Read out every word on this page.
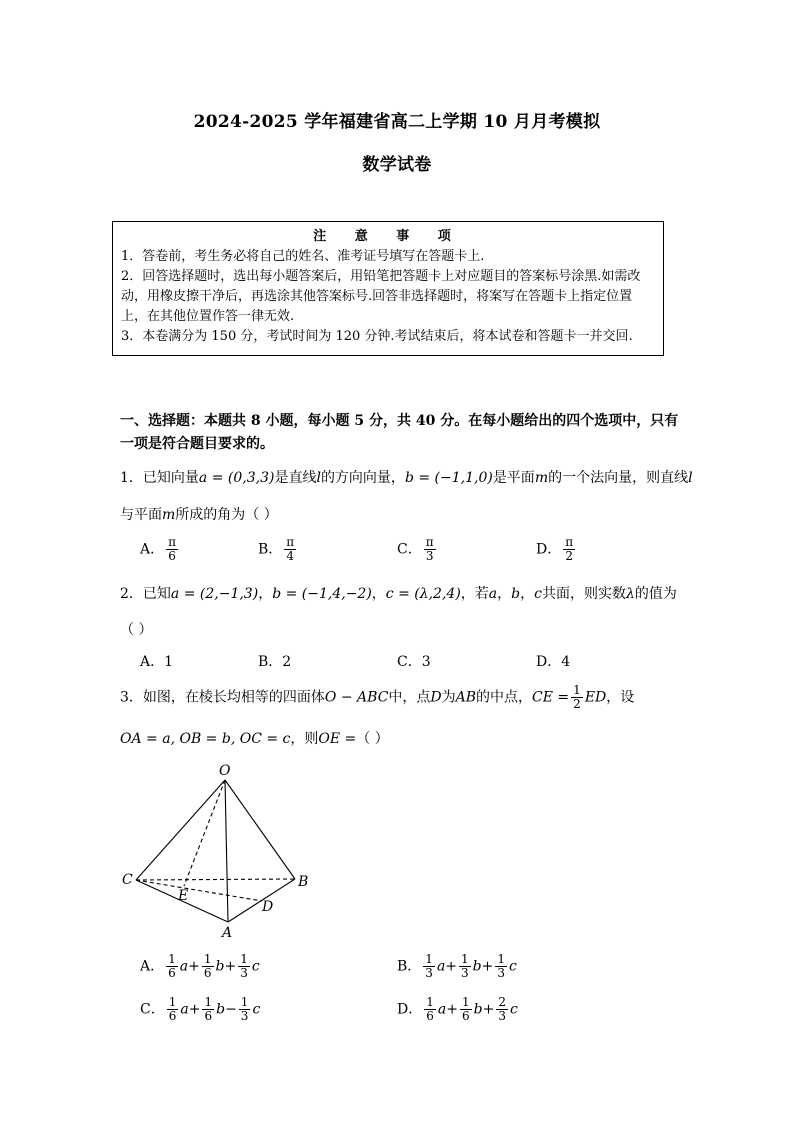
2024-2025 学年福建省高二上学期 10 月月考模拟
数学试卷
注 意 事 项

1．答卷前，考生务必将自己的姓名、准考证号填写在答题卡上.

2．回答选择题时，选出每小题答案后，用铅笔把答题卡上对应题目的答案标号涂黑.如需改动，用橡皮擦干净后，再选涂其他答案标号.回答非选择题时，将案写在答题卡上指定位置上，在其他位置作答一律无效.

3．本卷满分为 150 分，考试时间为 120 分钟.考试结束后，将本试卷和答题卡一并交回.

一、选择题：本题共 8 小题，每小题 5 分，共 40 分。在每小题给出的四个选项中，只有一项是符合题目要求的。
1．已知向量a = (0,3,3)是直线l的方向向量，b = (−1,1,0)是平面m的一个法向量，则直线l
与平面m所成的角为（ ）
A． $\frac{\pi}{6}$	B． $\frac{\pi}{4}$	C． $\frac{\pi}{3}$	D． $\frac{\pi}{2}$
2．已知a = (2,−1,3)，b = (−1,4,−2)，c = (λ,2,4)，若a，b，c共面，则实数λ的值为
（ ）
A．1	B．2	C．3	D．4
3．如图，在棱长均相等的四面体O − ABC中，点D为AB的中点，CE = $\frac{1}{2}$ ED，设
OA = a, OB = b, OC = c，则OE =（ ）
O
C	B
A
D
E
A． $\frac{1}{6} a+ \frac{1}{6} b+ \frac{1}{3}$ c	B． $\frac{1}{3} a+ \frac{1}{3} b+ \frac{1}{3}$ c
C． $\frac{1}{6} a+ \frac{1}{6} b- \frac{1}{3}$ c	D． $\frac{1}{6} a+ \frac{1}{6} b+ \frac{2}{3}$ c
